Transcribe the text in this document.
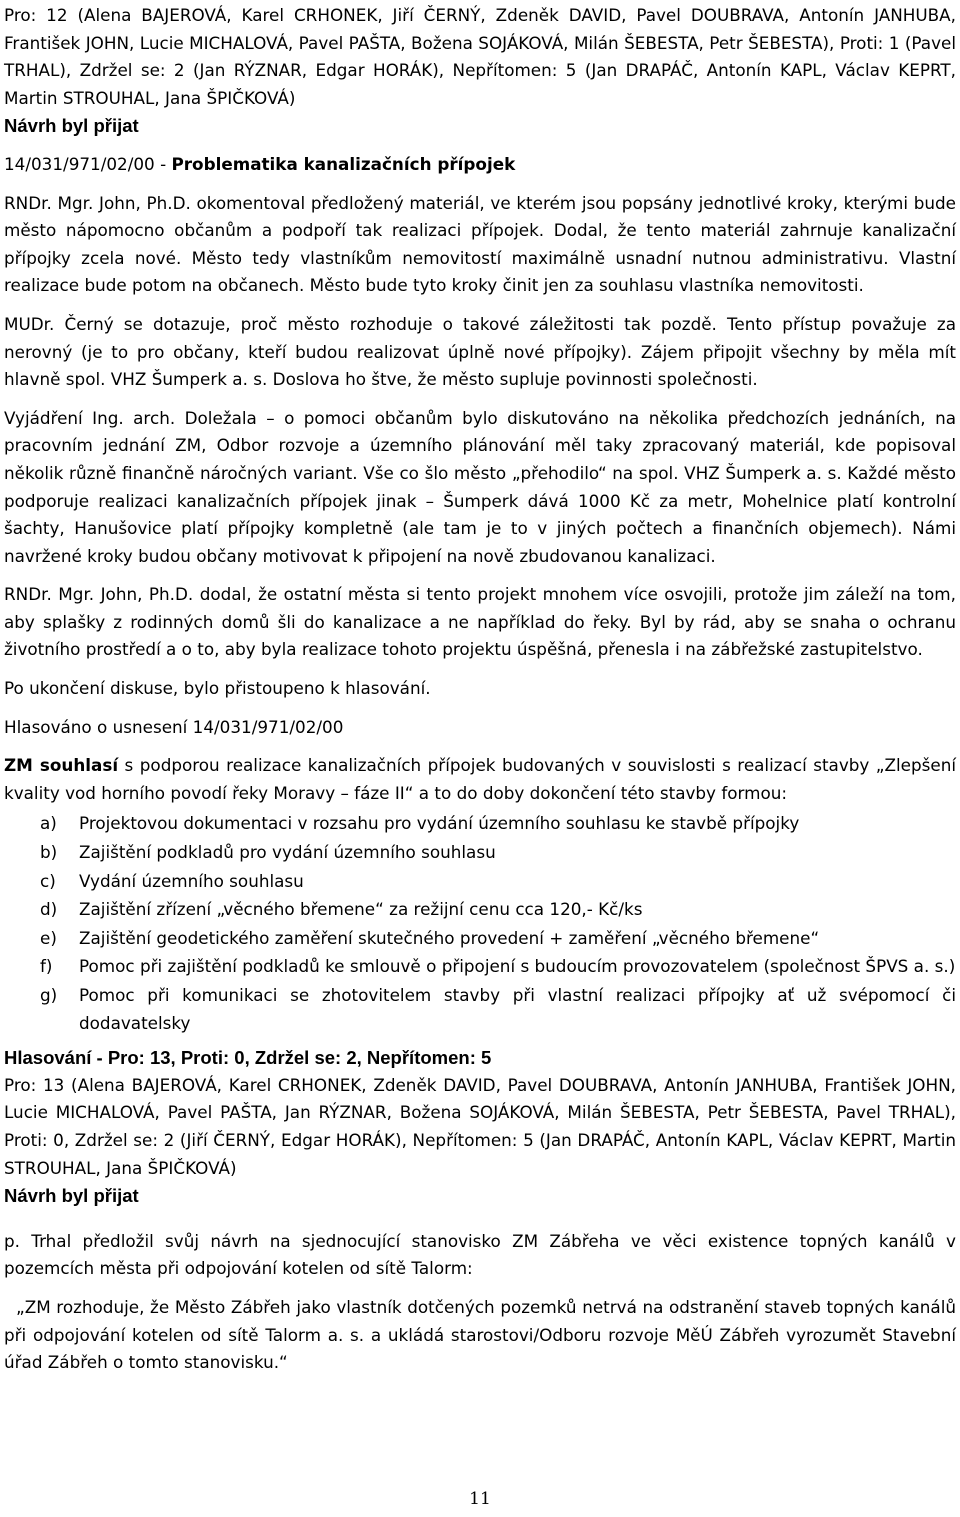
Pro: 12 (Alena BAJEROVÁ, Karel CRHONEK, Jiří ČERNÝ, Zdeněk DAVID, Pavel DOUBRAVA, Antonín JANHUBA, František JOHN, Lucie MICHALOVÁ, Pavel PAŠTA, Božena SOJÁKOVÁ, Milán ŠEBESTA, Petr ŠEBESTA), Proti: 1 (Pavel TRHAL), Zdržel se: 2 (Jan RÝZNAR, Edgar HORÁK), Nepřítomen: 5 (Jan DRAPÁČ, Antonín KAPL, Václav KEPRT, Martin STROUHAL, Jana ŠPIČKOVÁ)

Návrh byl přijat

14/031/971/02/00 - Problematika kanalizačních přípojek

RNDr. Mgr. John, Ph.D. okomentoval předložený materiál, ve kterém jsou popsány jednotlivé kroky, kterými bude město nápomocno občanům a podpoří tak realizaci přípojek. Dodal, že tento materiál zahrnuje kanalizační přípojky zcela nové. Město tedy vlastníkům nemovitostí maximálně usnadní nutnou administrativu. Vlastní realizace bude potom na občanech. Město bude tyto kroky činit jen za souhlasu vlastníka nemovitosti.

MUDr. Černý se dotazuje, proč město rozhoduje o takové záležitosti tak pozdě. Tento přístup považuje za nerovný (je to pro občany, kteří budou realizovat úplně nové přípojky). Zájem připojit všechny by měla mít hlavně spol. VHZ Šumperk a. s. Doslova ho štve, že město supluje povinnosti společnosti.

Vyjádření Ing. arch. Doležala – o pomoci občanům bylo diskutováno na několika předchozích jednáních, na pracovním jednání ZM, Odbor rozvoje a územního plánování měl taky zpracovaný materiál, kde popisoval několik různě finančně náročných variant. Vše co šlo město „přehodilo“ na spol. VHZ Šumperk a. s. Každé město podporuje realizaci kanalizačních přípojek jinak – Šumperk dává 1000 Kč za metr, Mohelnice platí kontrolní šachty, Hanušovice platí přípojky kompletně (ale tam je to v jiných počtech a finančních objemech). Námi navržené kroky budou občany motivovat k připojení na nově zbudovanou kanalizaci.

RNDr. Mgr. John, Ph.D. dodal, že ostatní města si tento projekt mnohem více osvojili, protože jim záleží na tom, aby splašky z rodinných domů šli do kanalizace a ne například do řeky. Byl by rád, aby se snaha o ochranu životního prostředí a o to, aby byla realizace tohoto projektu úspěšná, přenesla i na zábřežské zastupitelstvo.

Po ukončení diskuse, bylo přistoupeno k hlasování.

Hlasováno o usnesení 14/031/971/02/00

ZM souhlasí s podporou realizace kanalizačních přípojek budovaných v souvislosti s realizací stavby „Zlepšení kvality vod horního povodí řeky Moravy – fáze II“ a to do doby dokončení této stavby formou:

a) Projektovou dokumentaci v rozsahu pro vydání územního souhlasu ke stavbě přípojky

b) Zajištění podkladů pro vydání územního souhlasu

c) Vydání územního souhlasu

d) Zajištění zřízení „věcného břemene“ za režijní cenu cca 120,- Kč/ks

e) Zajištění geodetického zaměření skutečného provedení + zaměření „věcného břemene“

f) Pomoc při zajištění podkladů ke smlouvě o připojení s budoucím provozovatelem (společnost ŠPVS a. s.)

g) Pomoc při komunikaci se zhotovitelem stavby při vlastní realizaci přípojky ať už svépomocí či dodavatelsky

Hlasování - Pro: 13, Proti: 0, Zdržel se: 2, Nepřítomen: 5

Pro: 13 (Alena BAJEROVÁ, Karel CRHONEK, Zdeněk DAVID, Pavel DOUBRAVA, Antonín JANHUBA, František JOHN, Lucie MICHALOVÁ, Pavel PAŠTA, Jan RÝZNAR, Božena SOJÁKOVÁ, Milán ŠEBESTA, Petr ŠEBESTA, Pavel TRHAL), Proti: 0, Zdržel se: 2 (Jiří ČERNÝ, Edgar HORÁK), Nepřítomen: 5 (Jan DRAPÁČ, Antonín KAPL, Václav KEPRT, Martin STROUHAL, Jana ŠPIČKOVÁ)

Návrh byl přijat

p. Trhal předložil svůj návrh na sjednocující stanovisko ZM Zábřeha ve věci existence topných kanálů v pozemcích města při odpojování kotelen od sítě Talorm:

„ZM rozhoduje, že Město Zábřeh jako vlastník dotčených pozemků netrvá na odstranění staveb topných kanálů při odpojování kotelen od sítě Talorm a. s. a ukládá starostovi/Odboru rozvoje MěÚ Zábřeh vyrozumět Stavební úřad Zábřeh o tomto stanovisku.“

11
